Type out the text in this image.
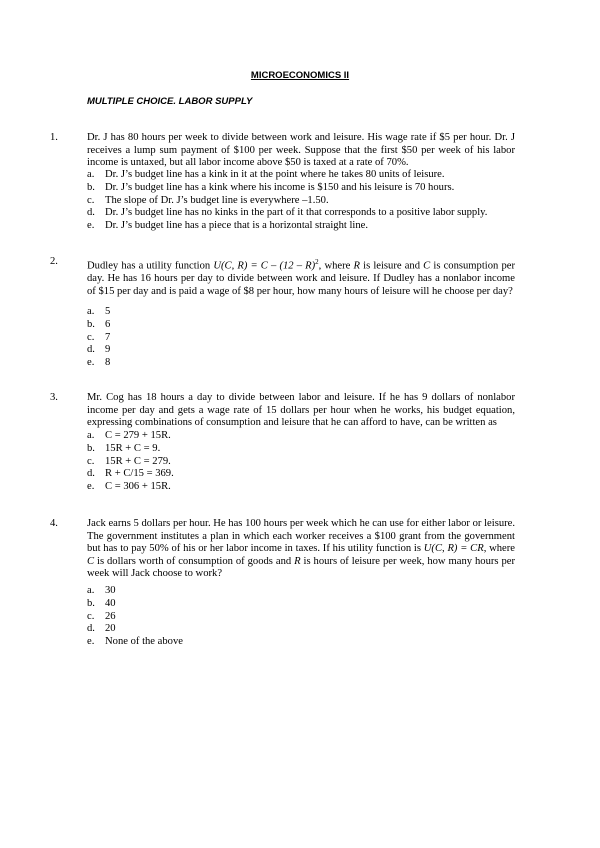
MICROECONOMICS II
MULTIPLE CHOICE. LABOR SUPPLY
1.	Dr. J has 80 hours per week to divide between work and leisure. His wage rate if $5 per hour. Dr. J receives a lump sum payment of $100 per week. Suppose that the first $50 per week of his labor income is untaxed, but all labor income above $50 is taxed at a rate of 70%.
a. Dr. J’s budget line has a kink in it at the point where he takes 80 units of leisure.
b. Dr. J’s budget line has a kink where his income is $150 and his leisure is 70 hours.
c. The slope of Dr. J’s budget line is everywhere –1.50.
d. Dr. J’s budget line has no kinks in the part of it that corresponds to a positive labor supply.
e. Dr. J’s budget line has a piece that is a horizontal straight line.
2.	Dudley has a utility function U(C, R) = C – (12 – R)$^2$, where R is leisure and C is consumption per day. He has 16 hours per day to divide between work and leisure. If Dudley has a nonlabor income of $15 per day and is paid a wage of $8 per hour, how many hours of leisure will he choose per day?
a. 5
b. 6
c. 7
d. 9
e. 8
3.	Mr. Cog has 18 hours a day to divide between labor and leisure. If he has 9 dollars of nonlabor income per day and gets a wage rate of 15 dollars per hour when he works, his budget equation, expressing combinations of consumption and leisure that he can afford to have, can be written as
a. C = 279 + 15R.
b. 15R + C = 9.
c. 15R + C = 279.
d. R + C/15 = 369.
e. C = 306 + 15R.
4.	Jack earns 5 dollars per hour. He has 100 hours per week which he can use for either labor or leisure. The government institutes a plan in which each worker receives a $100 grant from the government but has to pay 50% of his or her labor income in taxes. If his utility function is U(C, R) = CR, where C is dollars worth of consumption of goods and R is hours of leisure per week, how many hours per week will Jack choose to work?
a. 30
b. 40
c. 26
d. 20
e. None of the above
